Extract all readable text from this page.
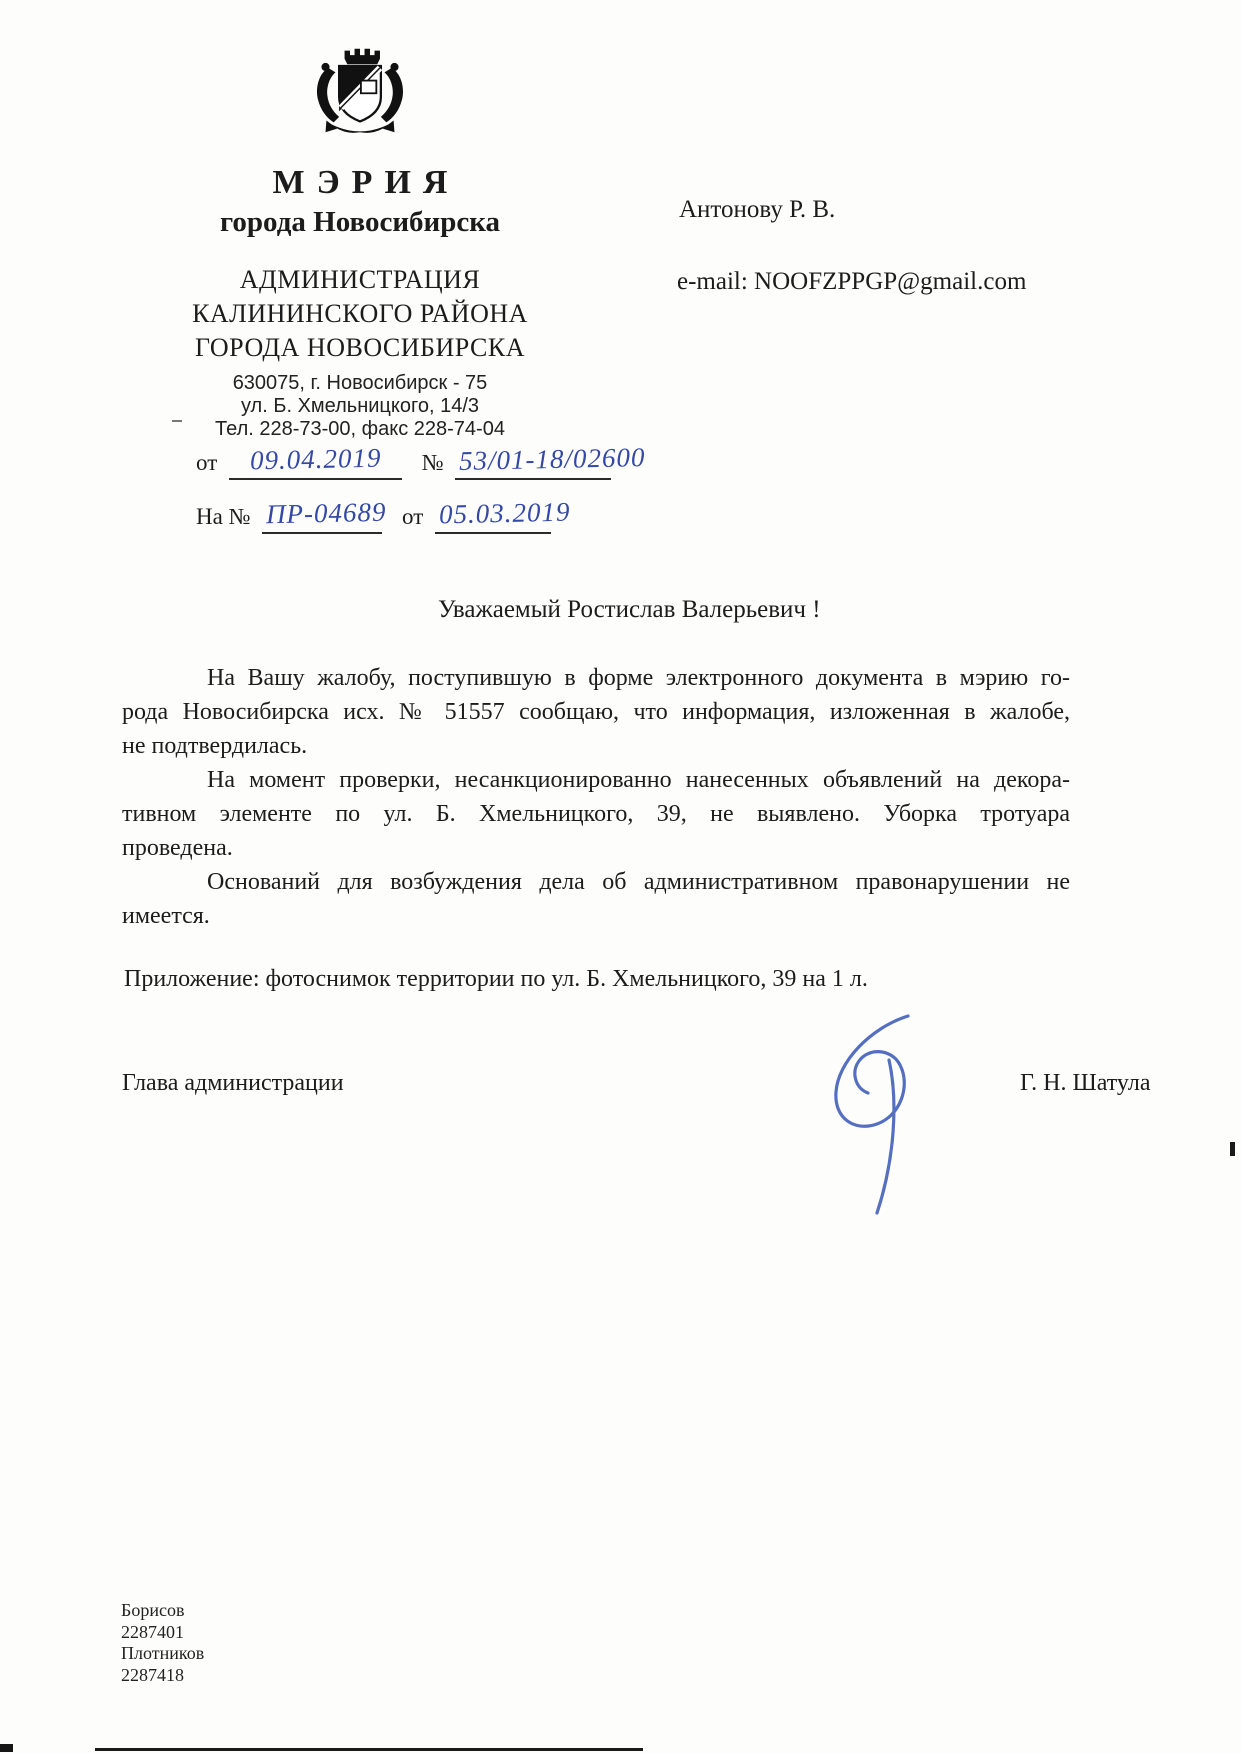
МЭРИЯ
города Новосибирска
АДМИНИСТРАЦИЯ
КАЛИНИНСКОГО РАЙОНА
ГОРОДА НОВОСИБИРСКА
630075, г. Новосибирск - 75
ул. Б. Хмельницкого, 14/3
Тел. 228-73-00, факс 228-74-04
от 09.04.2019 № 53/01-18/02600
На № ПР-04689 от 05.03.2019
Антонову Р. В.
e-mail: NOOFZPPGP@gmail.com
Уважаемый Ростислав Валерьевич !
На Вашу жалобу, поступившую в форме электронного документа в мэрию го-
рода Новосибирска исх. № 51557 сообщаю, что информация, изложенная в жалобе,
не подтвердилась.
На момент проверки, несанкционированно нанесенных объявлений на декора-
тивном элементе по ул. Б. Хмельницкого, 39, не выявлено. Уборка тротуара
проведена.
Оснований для возбуждения дела об административном правонарушении не
имеется.
Приложение: фотоснимок территории по ул. Б. Хмельницкого, 39 на 1 л.
Глава администрации	Г. Н. Шатула
Борисов
2287401
Плотников
2287418
